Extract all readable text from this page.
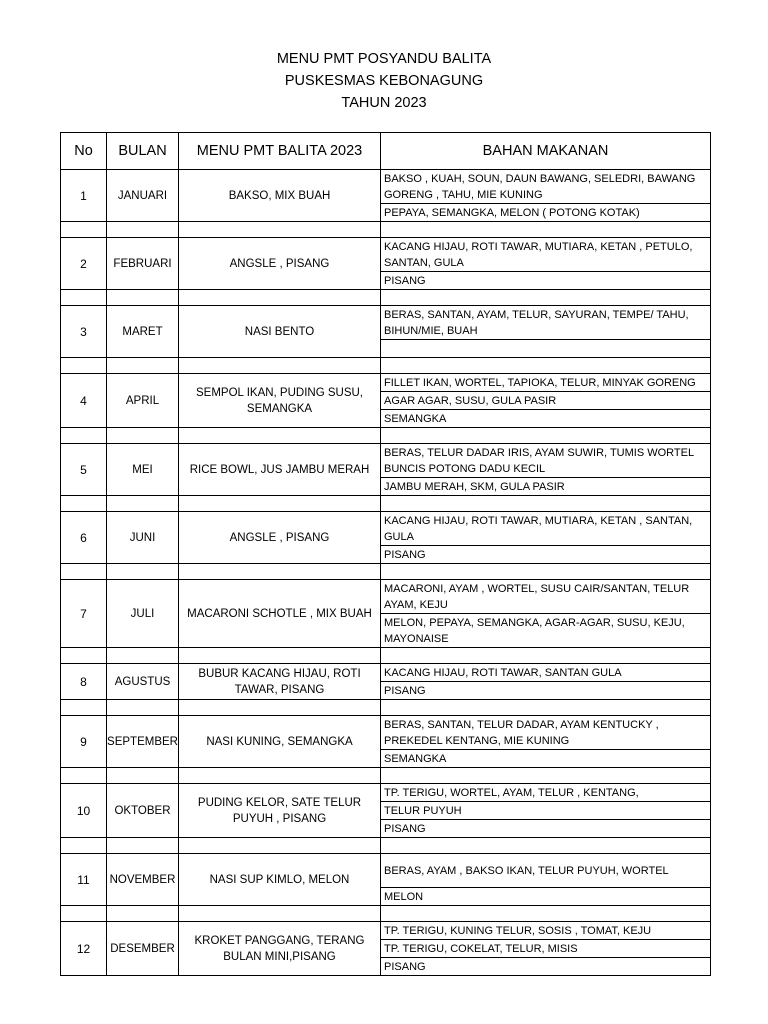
MENU PMT POSYANDU BALITA
PUSKESMAS KEBONAGUNG
TAHUN 2023
No	BULAN	MENU PMT BALITA 2023	BAHAN MAKANAN
1	JANUARI	BAKSO, MIX BUAH	BAKSO , KUAH, SOUN, DAUN BAWANG, SELEDRI, BAWANG GORENG , TAHU, MIE KUNING
			PEPAYA, SEMANGKA, MELON ( POTONG KOTAK)

2	FEBRUARI	ANGSLE , PISANG	KACANG HIJAU, ROTI TAWAR, MUTIARA, KETAN , PETULO, SANTAN, GULA
			PISANG

3	MARET	NASI BENTO	BERAS, SANTAN, AYAM, TELUR, SAYURAN, TEMPE/ TAHU, BIHUN/MIE, BUAH

4	APRIL	SEMPOL IKAN, PUDING SUSU, SEMANGKA	FILLET IKAN, WORTEL, TAPIOKA, TELUR, MINYAK GORENG
			AGAR AGAR, SUSU, GULA PASIR
			SEMANGKA

5	MEI	RICE BOWL, JUS JAMBU MERAH	BERAS, TELUR DADAR IRIS, AYAM SUWIR, TUMIS WORTEL BUNCIS POTONG DADU KECIL
			JAMBU MERAH, SKM, GULA PASIR

6	JUNI	ANGSLE , PISANG	KACANG HIJAU, ROTI TAWAR, MUTIARA, KETAN , SANTAN, GULA
			PISANG

7	JULI	MACARONI SCHOTLE , MIX BUAH	MACARONI, AYAM , WORTEL, SUSU CAIR/SANTAN, TELUR AYAM, KEJU
			MELON, PEPAYA, SEMANGKA, AGAR-AGAR, SUSU, KEJU, MAYONAISE

8	AGUSTUS	BUBUR KACANG HIJAU, ROTI TAWAR, PISANG	KACANG HIJAU, ROTI TAWAR, SANTAN GULA
			PISANG

9	SEPTEMBER	NASI KUNING, SEMANGKA	BERAS, SANTAN, TELUR DADAR, AYAM KENTUCKY , PREKEDEL KENTANG, MIE KUNING
			SEMANGKA

10	OKTOBER	PUDING KELOR, SATE TELUR PUYUH , PISANG	TP. TERIGU, WORTEL, AYAM, TELUR , KENTANG,
			TELUR PUYUH
			PISANG

11	NOVEMBER	NASI SUP KIMLO, MELON	BERAS, AYAM , BAKSO IKAN, TELUR PUYUH, WORTEL
			MELON

12	DESEMBER	KROKET PANGGANG, TERANG BULAN MINI,PISANG	TP. TERIGU, KUNING TELUR, SOSIS , TOMAT, KEJU
			TP. TERIGU, COKELAT, TELUR, MISIS
			PISANG
